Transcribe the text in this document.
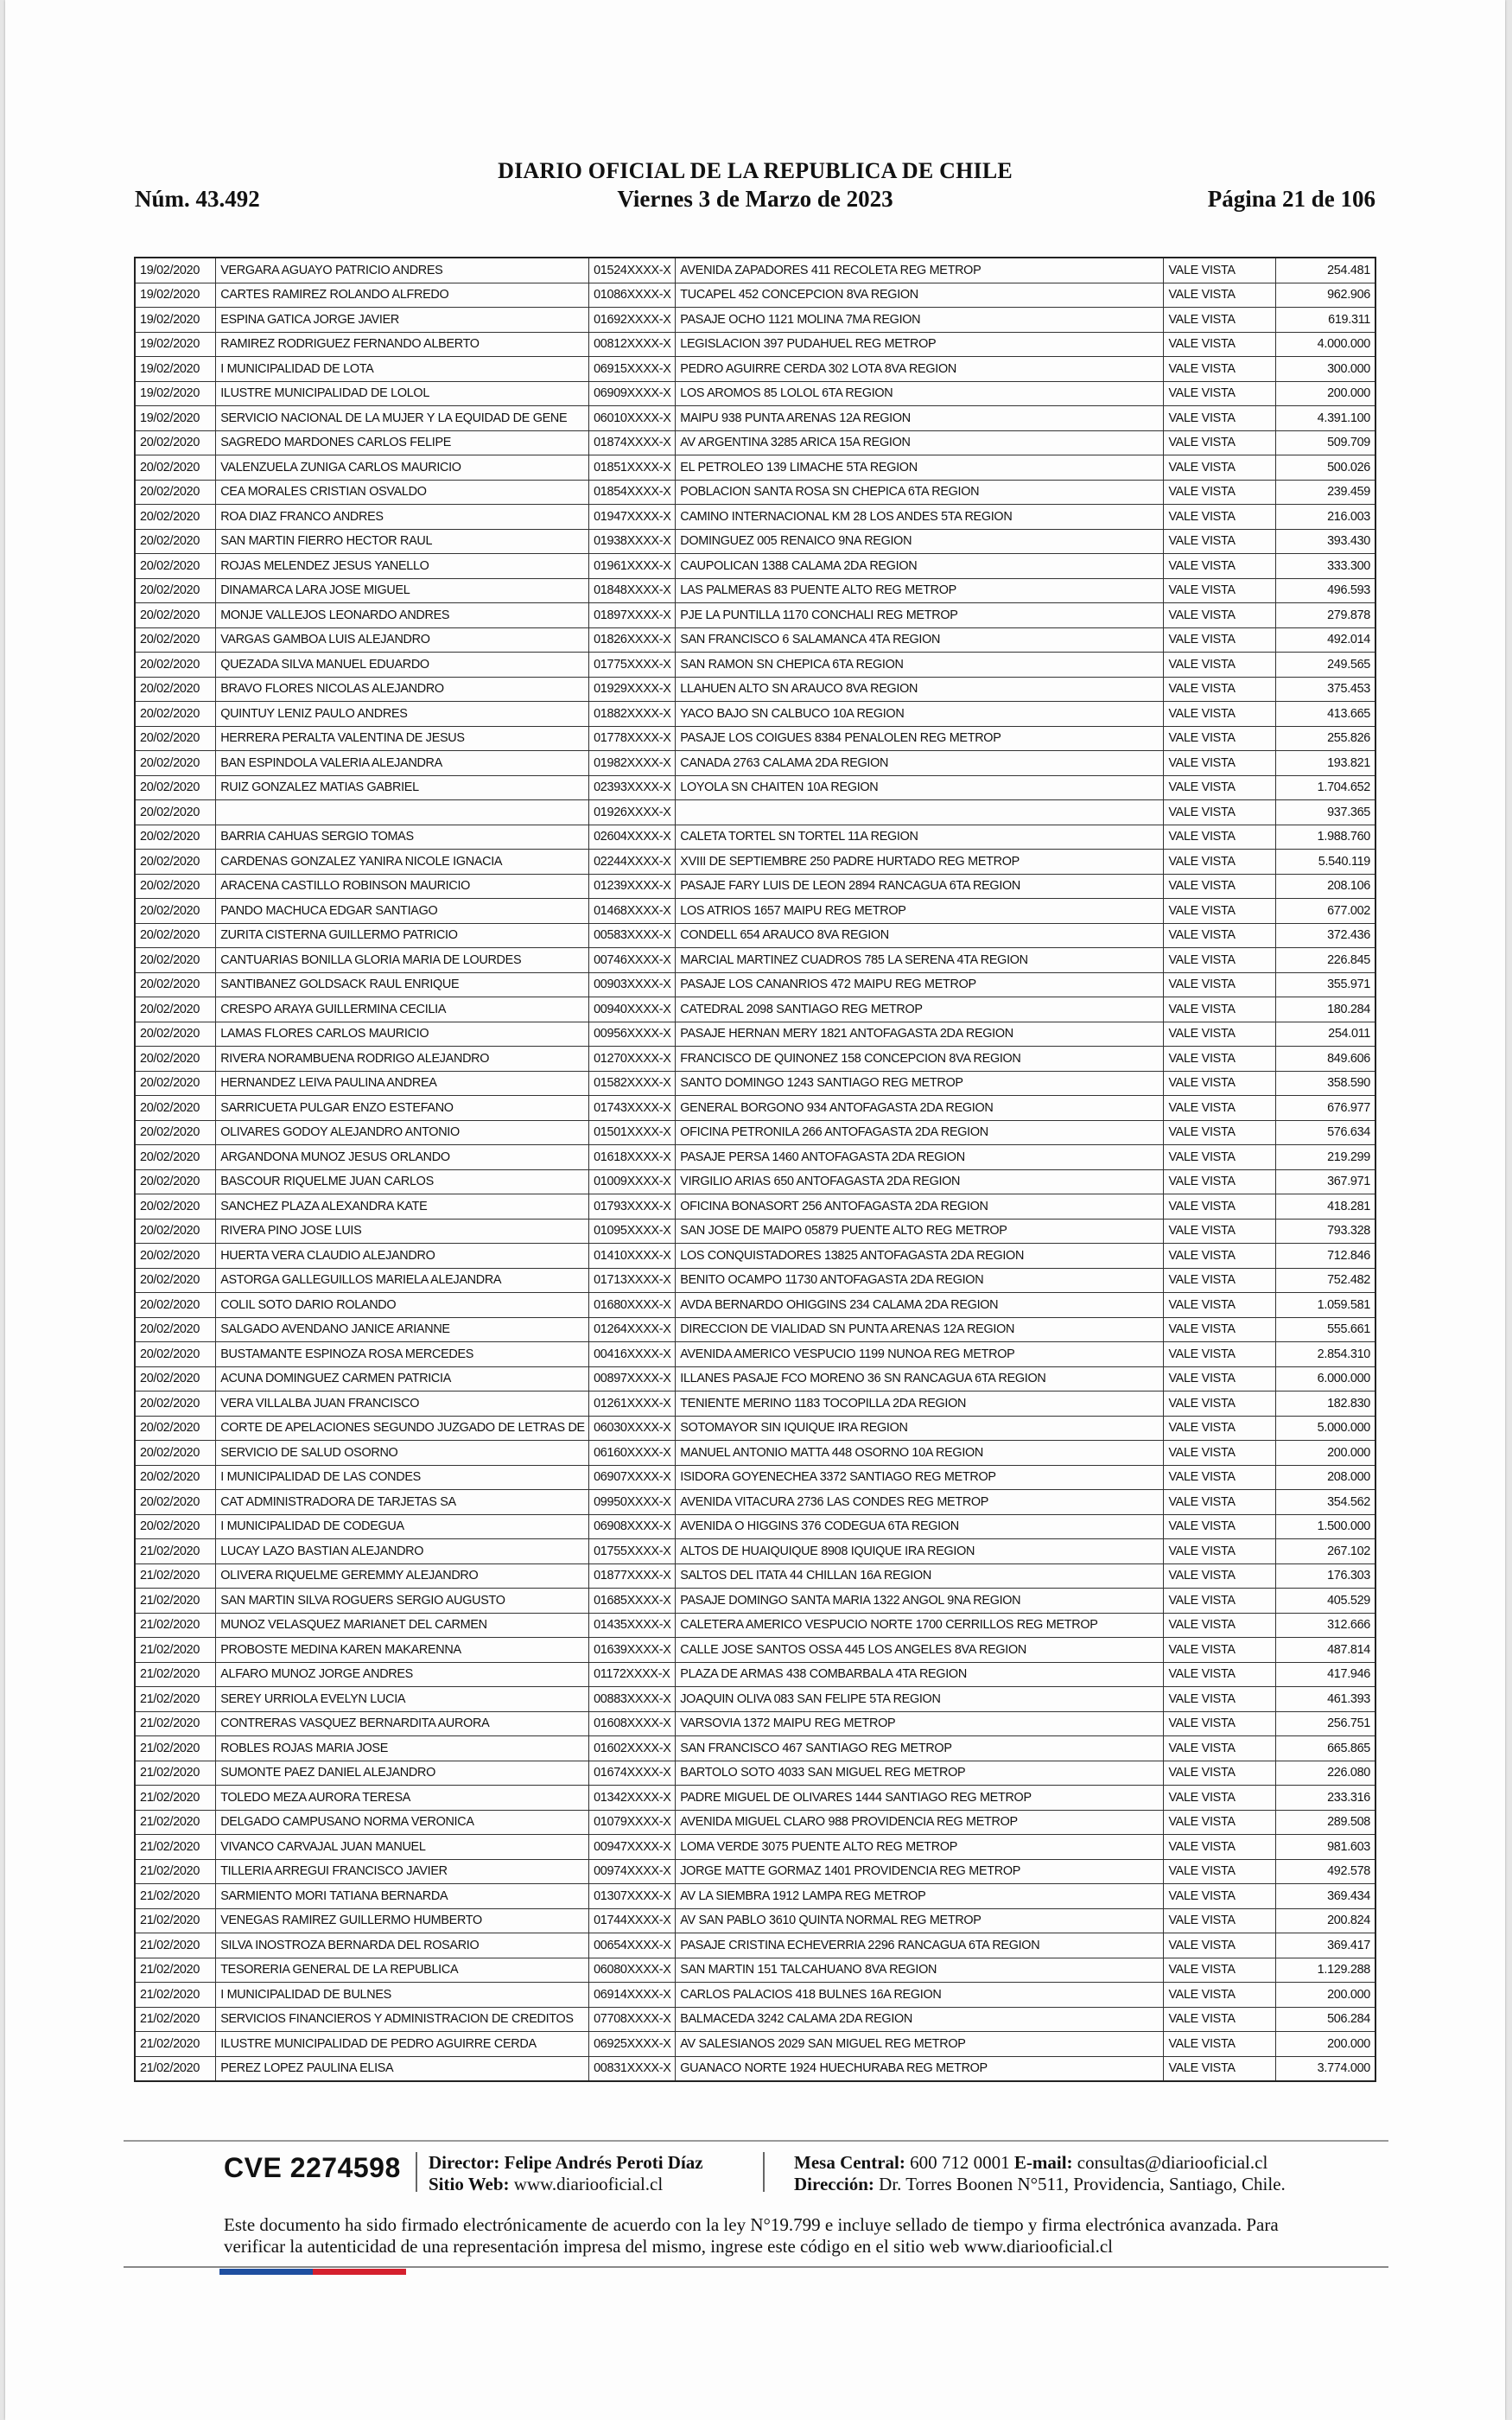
Núm. 43.492
DIARIO OFICIAL DE LA REPUBLICA DE CHILE
Viernes 3 de Marzo de 2023	Página 21 de 106
19/02/2020	VERGARA AGUAYO PATRICIO ANDRES	01524XXXX-X	AVENIDA ZAPADORES 411 RECOLETA REG METROP	VALE VISTA	254.481
19/02/2020	CARTES RAMIREZ ROLANDO ALFREDO	01086XXXX-X	TUCAPEL 452 CONCEPCION 8VA REGION	VALE VISTA	962.906
19/02/2020	ESPINA GATICA JORGE JAVIER	01692XXXX-X	PASAJE OCHO 1121 MOLINA 7MA REGION	VALE VISTA	619.311
19/02/2020	RAMIREZ RODRIGUEZ FERNANDO ALBERTO	00812XXXX-X	LEGISLACION 397 PUDAHUEL REG METROP	VALE VISTA	4.000.000
19/02/2020	I MUNICIPALIDAD DE LOTA	06915XXXX-X	PEDRO AGUIRRE CERDA 302 LOTA 8VA REGION	VALE VISTA	300.000
19/02/2020	ILUSTRE MUNICIPALIDAD DE LOLOL	06909XXXX-X	LOS AROMOS 85 LOLOL 6TA REGION	VALE VISTA	200.000
19/02/2020	SERVICIO NACIONAL DE LA MUJER Y LA EQUIDAD DE GENE	06010XXXX-X	MAIPU 938 PUNTA ARENAS 12A REGION	VALE VISTA	4.391.100
20/02/2020	SAGREDO MARDONES CARLOS FELIPE	01874XXXX-X	AV ARGENTINA 3285 ARICA 15A REGION	VALE VISTA	509.709
20/02/2020	VALENZUELA ZUNIGA CARLOS MAURICIO	01851XXXX-X	EL PETROLEO 139 LIMACHE 5TA REGION	VALE VISTA	500.026
20/02/2020	CEA MORALES CRISTIAN OSVALDO	01854XXXX-X	POBLACION SANTA ROSA SN CHEPICA 6TA REGION	VALE VISTA	239.459
20/02/2020	ROA DIAZ FRANCO ANDRES	01947XXXX-X	CAMINO INTERNACIONAL KM 28 LOS ANDES 5TA REGION	VALE VISTA	216.003
20/02/2020	SAN MARTIN FIERRO HECTOR RAUL	01938XXXX-X	DOMINGUEZ 005 RENAICO 9NA REGION	VALE VISTA	393.430
20/02/2020	ROJAS MELENDEZ JESUS YANELLO	01961XXXX-X	CAUPOLICAN 1388 CALAMA 2DA REGION	VALE VISTA	333.300
20/02/2020	DINAMARCA LARA JOSE MIGUEL	01848XXXX-X	LAS PALMERAS 83 PUENTE ALTO REG METROP	VALE VISTA	496.593
20/02/2020	MONJE VALLEJOS LEONARDO ANDRES	01897XXXX-X	PJE LA PUNTILLA 1170 CONCHALI REG METROP	VALE VISTA	279.878
20/02/2020	VARGAS GAMBOA LUIS ALEJANDRO	01826XXXX-X	SAN FRANCISCO 6 SALAMANCA 4TA REGION	VALE VISTA	492.014
20/02/2020	QUEZADA SILVA MANUEL EDUARDO	01775XXXX-X	SAN RAMON SN CHEPICA 6TA REGION	VALE VISTA	249.565
20/02/2020	BRAVO FLORES NICOLAS ALEJANDRO	01929XXXX-X	LLAHUEN ALTO SN ARAUCO 8VA REGION	VALE VISTA	375.453
20/02/2020	QUINTUY LENIZ PAULO ANDRES	01882XXXX-X	YACO BAJO SN CALBUCO 10A REGION	VALE VISTA	413.665
20/02/2020	HERRERA PERALTA VALENTINA DE JESUS	01778XXXX-X	PASAJE LOS COIGUES 8384 PENALOLEN REG METROP	VALE VISTA	255.826
20/02/2020	BAN ESPINDOLA VALERIA ALEJANDRA	01982XXXX-X	CANADA 2763 CALAMA 2DA REGION	VALE VISTA	193.821
20/02/2020	RUIZ GONZALEZ MATIAS GABRIEL	02393XXXX-X	LOYOLA SN CHAITEN 10A REGION	VALE VISTA	1.704.652
20/02/2020		01926XXXX-X		VALE VISTA	937.365
20/02/2020	BARRIA CAHUAS SERGIO TOMAS	02604XXXX-X	CALETA TORTEL SN TORTEL 11A REGION	VALE VISTA	1.988.760
20/02/2020	CARDENAS GONZALEZ YANIRA NICOLE IGNACIA	02244XXXX-X	XVIII DE SEPTIEMBRE 250 PADRE HURTADO REG METROP	VALE VISTA	5.540.119
20/02/2020	ARACENA CASTILLO ROBINSON MAURICIO	01239XXXX-X	PASAJE FARY LUIS DE LEON 2894 RANCAGUA 6TA REGION	VALE VISTA	208.106
20/02/2020	PANDO MACHUCA EDGAR SANTIAGO	01468XXXX-X	LOS ATRIOS 1657 MAIPU REG METROP	VALE VISTA	677.002
20/02/2020	ZURITA CISTERNA GUILLERMO PATRICIO	00583XXXX-X	CONDELL 654 ARAUCO 8VA REGION	VALE VISTA	372.436
20/02/2020	CANTUARIAS BONILLA GLORIA MARIA DE LOURDES	00746XXXX-X	MARCIAL MARTINEZ CUADROS 785 LA SERENA 4TA REGION	VALE VISTA	226.845
20/02/2020	SANTIBANEZ GOLDSACK RAUL ENRIQUE	00903XXXX-X	PASAJE LOS CANANRIOS 472 MAIPU REG METROP	VALE VISTA	355.971
20/02/2020	CRESPO ARAYA GUILLERMINA CECILIA	00940XXXX-X	CATEDRAL 2098 SANTIAGO REG METROP	VALE VISTA	180.284
20/02/2020	LAMAS FLORES CARLOS MAURICIO	00956XXXX-X	PASAJE HERNAN MERY 1821 ANTOFAGASTA 2DA REGION	VALE VISTA	254.011
20/02/2020	RIVERA NORAMBUENA RODRIGO ALEJANDRO	01270XXXX-X	FRANCISCO DE QUINONEZ 158 CONCEPCION 8VA REGION	VALE VISTA	849.606
20/02/2020	HERNANDEZ LEIVA PAULINA ANDREA	01582XXXX-X	SANTO DOMINGO 1243 SANTIAGO REG METROP	VALE VISTA	358.590
20/02/2020	SARRICUETA PULGAR ENZO ESTEFANO	01743XXXX-X	GENERAL BORGONO 934 ANTOFAGASTA 2DA REGION	VALE VISTA	676.977
20/02/2020	OLIVARES GODOY ALEJANDRO ANTONIO	01501XXXX-X	OFICINA PETRONILA 266 ANTOFAGASTA 2DA REGION	VALE VISTA	576.634
20/02/2020	ARGANDONA MUNOZ JESUS ORLANDO	01618XXXX-X	PASAJE PERSA 1460 ANTOFAGASTA 2DA REGION	VALE VISTA	219.299
20/02/2020	BASCOUR RIQUELME JUAN CARLOS	01009XXXX-X	VIRGILIO ARIAS 650 ANTOFAGASTA 2DA REGION	VALE VISTA	367.971
20/02/2020	SANCHEZ PLAZA ALEXANDRA KATE	01793XXXX-X	OFICINA BONASORT 256 ANTOFAGASTA 2DA REGION	VALE VISTA	418.281
20/02/2020	RIVERA PINO JOSE LUIS	01095XXXX-X	SAN JOSE DE MAIPO 05879 PUENTE ALTO REG METROP	VALE VISTA	793.328
20/02/2020	HUERTA VERA CLAUDIO ALEJANDRO	01410XXXX-X	LOS CONQUISTADORES 13825 ANTOFAGASTA 2DA REGION	VALE VISTA	712.846
20/02/2020	ASTORGA GALLEGUILLOS MARIELA ALEJANDRA	01713XXXX-X	BENITO OCAMPO 11730 ANTOFAGASTA 2DA REGION	VALE VISTA	752.482
20/02/2020	COLIL SOTO DARIO ROLANDO	01680XXXX-X	AVDA BERNARDO OHIGGINS 234 CALAMA 2DA REGION	VALE VISTA	1.059.581
20/02/2020	SALGADO AVENDANO JANICE ARIANNE	01264XXXX-X	DIRECCION DE VIALIDAD SN PUNTA ARENAS 12A REGION	VALE VISTA	555.661
20/02/2020	BUSTAMANTE ESPINOZA ROSA MERCEDES	00416XXXX-X	AVENIDA AMERICO VESPUCIO 1199 NUNOA REG METROP	VALE VISTA	2.854.310
20/02/2020	ACUNA DOMINGUEZ CARMEN PATRICIA	00897XXXX-X	ILLANES PASAJE FCO MORENO 36 SN RANCAGUA 6TA REGION	VALE VISTA	6.000.000
20/02/2020	VERA VILLALBA JUAN FRANCISCO	01261XXXX-X	TENIENTE MERINO 1183 TOCOPILLA 2DA REGION	VALE VISTA	182.830
20/02/2020	CORTE DE APELACIONES SEGUNDO JUZGADO DE LETRAS DE	06030XXXX-X	SOTOMAYOR SIN IQUIQUE IRA REGION	VALE VISTA	5.000.000
20/02/2020	SERVICIO DE SALUD OSORNO	06160XXXX-X	MANUEL ANTONIO MATTA 448 OSORNO 10A REGION	VALE VISTA	200.000
20/02/2020	I MUNICIPALIDAD DE LAS CONDES	06907XXXX-X	ISIDORA GOYENECHEA 3372 SANTIAGO REG METROP	VALE VISTA	208.000
20/02/2020	CAT ADMINISTRADORA DE TARJETAS SA	09950XXXX-X	AVENIDA VITACURA 2736 LAS CONDES REG METROP	VALE VISTA	354.562
20/02/2020	I MUNICIPALIDAD DE CODEGUA	06908XXXX-X	AVENIDA O HIGGINS 376 CODEGUA 6TA REGION	VALE VISTA	1.500.000
21/02/2020	LUCAY LAZO BASTIAN ALEJANDRO	01755XXXX-X	ALTOS DE HUAIQUIQUE 8908 IQUIQUE IRA REGION	VALE VISTA	267.102
21/02/2020	OLIVERA RIQUELME GEREMMY ALEJANDRO	01877XXXX-X	SALTOS DEL ITATA 44 CHILLAN 16A REGION	VALE VISTA	176.303
21/02/2020	SAN MARTIN SILVA ROGUERS SERGIO AUGUSTO	01685XXXX-X	PASAJE DOMINGO SANTA MARIA 1322 ANGOL 9NA REGION	VALE VISTA	405.529
21/02/2020	MUNOZ VELASQUEZ MARIANET DEL CARMEN	01435XXXX-X	CALETERA AMERICO VESPUCIO NORTE 1700 CERRILLOS REG METROP	VALE VISTA	312.666
21/02/2020	PROBOSTE MEDINA KAREN MAKARENNA	01639XXXX-X	CALLE JOSE SANTOS OSSA 445 LOS ANGELES 8VA REGION	VALE VISTA	487.814
21/02/2020	ALFARO MUNOZ JORGE ANDRES	01172XXXX-X	PLAZA DE ARMAS 438 COMBARBALA 4TA REGION	VALE VISTA	417.946
21/02/2020	SEREY URRIOLA EVELYN LUCIA	00883XXXX-X	JOAQUIN OLIVA 083 SAN FELIPE 5TA REGION	VALE VISTA	461.393
21/02/2020	CONTRERAS VASQUEZ BERNARDITA AURORA	01608XXXX-X	VARSOVIA 1372 MAIPU REG METROP	VALE VISTA	256.751
21/02/2020	ROBLES ROJAS MARIA JOSE	01602XXXX-X	SAN FRANCISCO 467 SANTIAGO REG METROP	VALE VISTA	665.865
21/02/2020	SUMONTE PAEZ DANIEL ALEJANDRO	01674XXXX-X	BARTOLO SOTO 4033 SAN MIGUEL REG METROP	VALE VISTA	226.080
21/02/2020	TOLEDO MEZA AURORA TERESA	01342XXXX-X	PADRE MIGUEL DE OLIVARES 1444 SANTIAGO REG METROP	VALE VISTA	233.316
21/02/2020	DELGADO CAMPUSANO NORMA VERONICA	01079XXXX-X	AVENIDA MIGUEL CLARO 988 PROVIDENCIA REG METROP	VALE VISTA	289.508
21/02/2020	VIVANCO CARVAJAL JUAN MANUEL	00947XXXX-X	LOMA VERDE 3075 PUENTE ALTO REG METROP	VALE VISTA	981.603
21/02/2020	TILLERIA ARREGUI FRANCISCO JAVIER	00974XXXX-X	JORGE MATTE GORMAZ 1401 PROVIDENCIA REG METROP	VALE VISTA	492.578
21/02/2020	SARMIENTO MORI TATIANA BERNARDA	01307XXXX-X	AV LA SIEMBRA 1912 LAMPA REG METROP	VALE VISTA	369.434
21/02/2020	VENEGAS RAMIREZ GUILLERMO HUMBERTO	01744XXXX-X	AV SAN PABLO 3610 QUINTA NORMAL REG METROP	VALE VISTA	200.824
21/02/2020	SILVA INOSTROZA BERNARDA DEL ROSARIO	00654XXXX-X	PASAJE CRISTINA ECHEVERRIA 2296 RANCAGUA 6TA REGION	VALE VISTA	369.417
21/02/2020	TESORERIA GENERAL DE LA REPUBLICA	06080XXXX-X	SAN MARTIN 151 TALCAHUANO 8VA REGION	VALE VISTA	1.129.288
21/02/2020	I MUNICIPALIDAD DE BULNES	06914XXXX-X	CARLOS PALACIOS 418 BULNES 16A REGION	VALE VISTA	200.000
21/02/2020	SERVICIOS FINANCIEROS Y ADMINISTRACION DE CREDITOS	07708XXXX-X	BALMACEDA 3242 CALAMA 2DA REGION	VALE VISTA	506.284
21/02/2020	ILUSTRE MUNICIPALIDAD DE PEDRO AGUIRRE CERDA	06925XXXX-X	AV SALESIANOS 2029 SAN MIGUEL REG METROP	VALE VISTA	200.000
21/02/2020	PEREZ LOPEZ PAULINA ELISA	00831XXXX-X	GUANACO NORTE 1924 HUECHURABA REG METROP	VALE VISTA	3.774.000
CVE 2274598 Director: Felipe Andrés Peroti Díaz
Sitio Web: www.diariooficial.cl
Mesa Central: 600 712 0001 E-mail: consultas@diariooficial.cl
Dirección: Dr. Torres Boonen N°511, Providencia, Santiago, Chile.
Este documento ha sido firmado electrónicamente de acuerdo con la ley N°19.799 e incluye sellado de tiempo y firma electrónica avanzada. Para verificar la autenticidad de una representación impresa del mismo, ingrese este código en el sitio web www.diariooficial.cl
